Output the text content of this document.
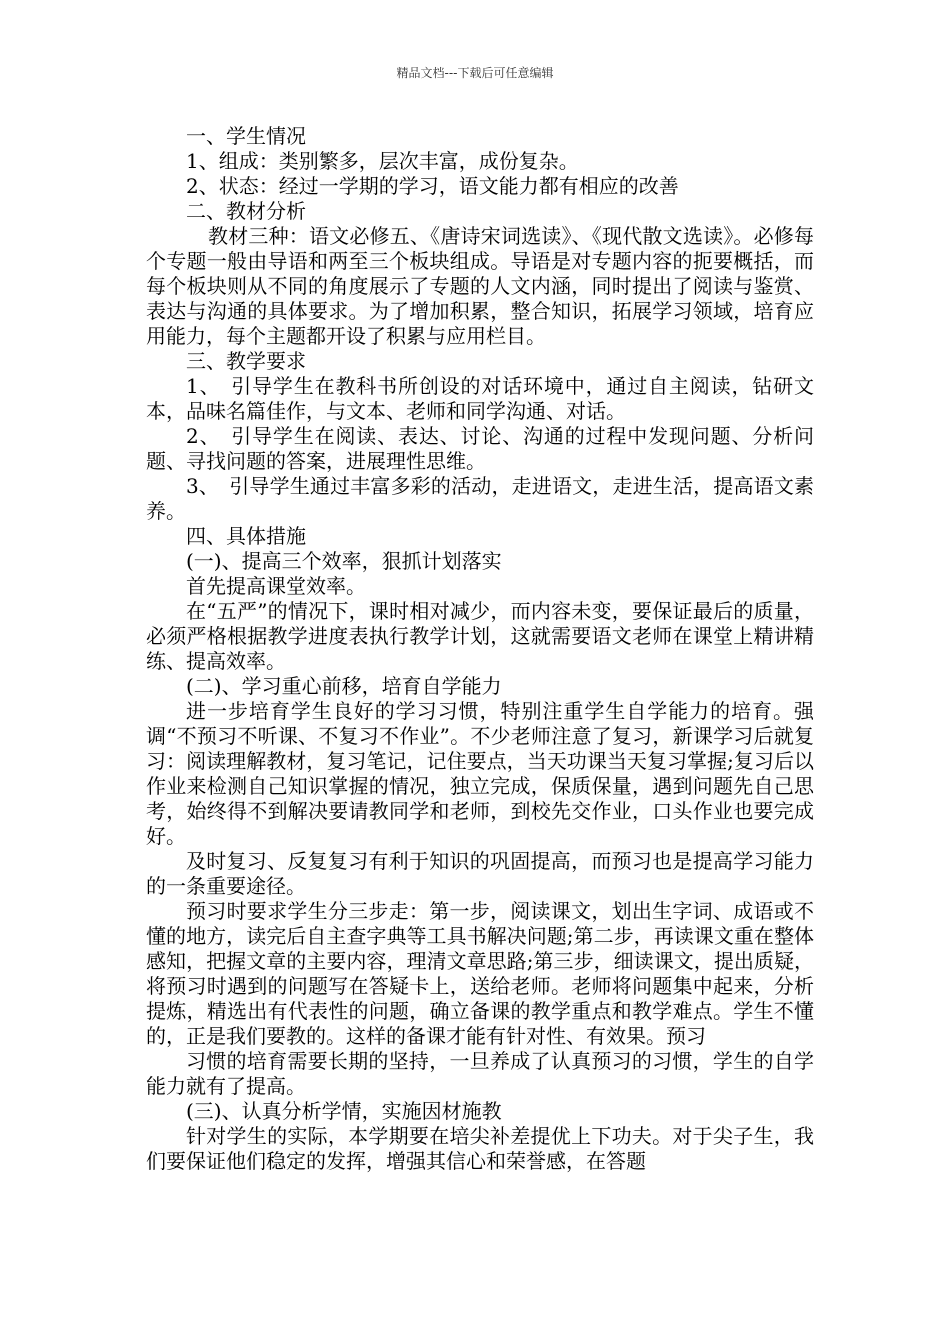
精品文档---下载后可任意编辑

一、学生情况

1、组成：类别繁多，层次丰富，成份复杂。

2、状态：经过一学期的学习，语文能力都有相应的改善

二、教材分析

教材三种：语文必修五、《唐诗宋词选读》、《现代散文选读》。必修每个专题一般由导语和两至三个板块组成。导语是对专题内容的扼要概括，而每个板块则从不同的角度展示了专题的人文内涵，同时提出了阅读与鉴赏、表达与沟通的具体要求。为了增加积累，整合知识，拓展学习领域，培育应用能力，每个主题都开设了积累与应用栏目。

三、教学要求

1、　引导学生在教科书所创设的对话环境中，通过自主阅读，钻研文本，品味名篇佳作，与文本、老师和同学沟通、对话。

2、　引导学生在阅读、表达、讨论、沟通的过程中发现问题、分析问题、寻找问题的答案，进展理性思维。

3、　引导学生通过丰富多彩的活动，走进语文，走进生活，提高语文素养。

四、具体措施

(一)、提高三个效率，狠抓计划落实

首先提高课堂效率。

在“五严”的情况下，课时相对减少，而内容未变，要保证最后的质量，必须严格根据教学进度表执行教学计划，这就需要语文老师在课堂上精讲精练、提高效率。

(二)、学习重心前移，培育自学能力

进一步培育学生良好的学习习惯，特别注重学生自学能力的培育。强调“不预习不听课、不复习不作业”。不少老师注意了复习，新课学习后就复习：阅读理解教材，复习笔记，记住要点，当天功课当天复习掌握;复习后以作业来检测自己知识掌握的情况，独立完成，保质保量，遇到问题先自己思考，始终得不到解决要请教同学和老师，到校先交作业，口头作业也要完成好。

及时复习、反复复习有利于知识的巩固提高，而预习也是提高学习能力的一条重要途径。

预习时要求学生分三步走：第一步，阅读课文，划出生字词、成语或不懂的地方，读完后自主查字典等工具书解决问题;第二步，再读课文重在整体感知，把握文章的主要内容，理清文章思路;第三步，细读课文，提出质疑，将预习时遇到的问题写在答疑卡上，送给老师。老师将问题集中起来，分析提炼，精选出有代表性的问题，确立备课的教学重点和教学难点。学生不懂的，正是我们要教的。这样的备课才能有针对性、有效果。预习

习惯的培育需要长期的坚持，一旦养成了认真预习的习惯，学生的自学能力就有了提高。

(三)、认真分析学情，实施因材施教

针对学生的实际，本学期要在培尖补差提优上下功夫。对于尖子生，我们要保证他们稳定的发挥，增强其信心和荣誉感，在答题
